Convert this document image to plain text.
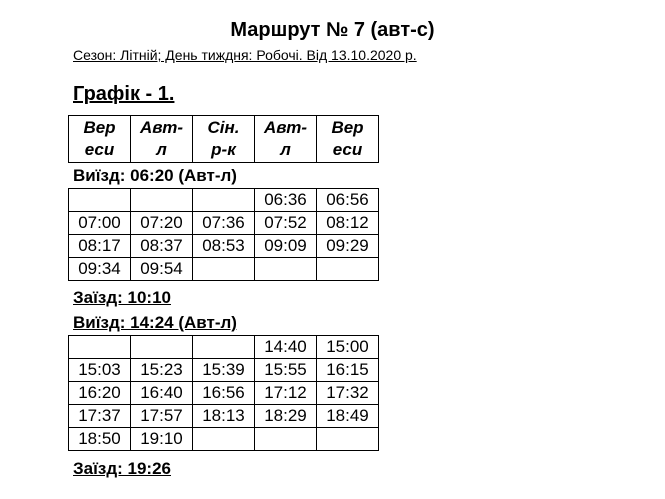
Маршрут № 7 (авт-с)
Сезон: Літній; День тиждня: Робочі. Від 13.10.2020 р.
Графік - 1.
Вер
еси	Авт-
л	Сін.
р-к	Авт-
л	Вер
еси
Виїзд: 06:20 (Авт-л)
			06:36	06:56
07:00	07:20	07:36	07:52	08:12
08:17	08:37	08:53	09:09	09:29
09:34	09:54			
Заїзд: 10:10
Виїзд: 14:24 (Авт-л)
			14:40	15:00
15:03	15:23	15:39	15:55	16:15
16:20	16:40	16:56	17:12	17:32
17:37	17:57	18:13	18:29	18:49
18:50	19:10			
Заїзд: 19:26
